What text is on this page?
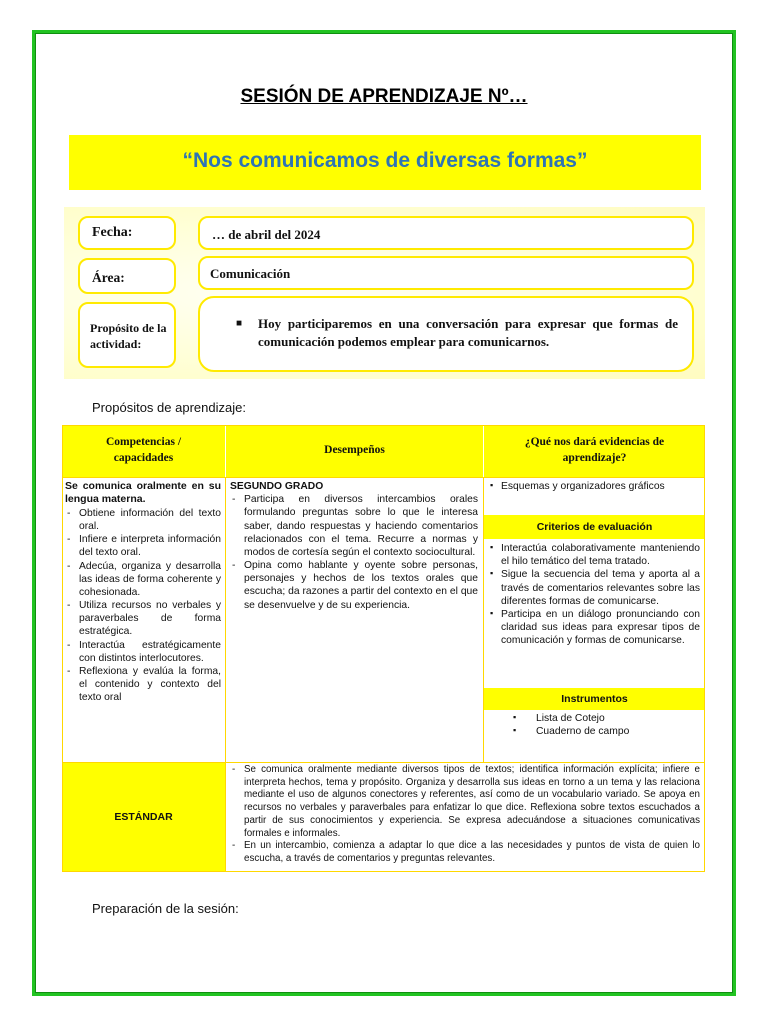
SESIÓN DE APRENDIZAJE Nº…
“Nos comunicamos de diversas formas”
Fecha:	… de abril del 2024
Área:	Comunicación
Propósito de la actividad:
■ Hoy participaremos en una conversación para expresar que formas de comunicación podemos emplear para comunicarnos.
Propósitos de aprendizaje:
Competencias / capacidades
Desempeños
¿Qué nos dará evidencias de aprendizaje?
Se comunica oralmente en su lengua materna.
- Obtiene información del texto oral.
- Infiere e interpreta información del texto oral.
- Adecúa, organiza y desarrolla las ideas de forma coherente y cohesionada.
- Utiliza recursos no verbales y paraverbales de forma estratégica.
- Interactúa estratégicamente con distintos interlocutores.
- Reflexiona y evalúa la forma, el contenido y contexto del texto oral
SEGUNDO GRADO
- Participa en diversos intercambios orales formulando preguntas sobre lo que le interesa saber, dando respuestas y haciendo comentarios relacionados con el tema. Recurre a normas y modos de cortesía según el contexto sociocultural.
- Opina como hablante y oyente sobre personas, personajes y hechos de los textos orales que escucha; da razones a partir del contexto en el que se desenvuelve y de su experiencia.
▪ Esquemas y organizadores gráficos
Criterios de evaluación
▪ Interactúa colaborativamente manteniendo el hilo temático del tema tratado.
▪ Sigue la secuencia del tema y aporta al a través de comentarios relevantes sobre las diferentes formas de comunicarse.
▪ Participa en un diálogo pronunciando con claridad sus ideas para expresar tipos de comunicación y formas de comunicarse.
Instrumentos
▪ Lista de Cotejo
▪ Cuaderno de campo
ESTÁNDAR
- Se comunica oralmente mediante diversos tipos de textos; identifica información explícita; infiere e interpreta hechos, tema y propósito. Organiza y desarrolla sus ideas en torno a un tema y las relaciona mediante el uso de algunos conectores y referentes, así como de un vocabulario variado. Se apoya en recursos no verbales y paraverbales para enfatizar lo que dice. Reflexiona sobre textos escuchados a partir de sus conocimientos y experiencia. Se expresa adecuándose a situaciones comunicativas formales e informales.
- En un intercambio, comienza a adaptar lo que dice a las necesidades y puntos de vista de quien lo escucha, a través de comentarios y preguntas relevantes.
Preparación de la sesión:
